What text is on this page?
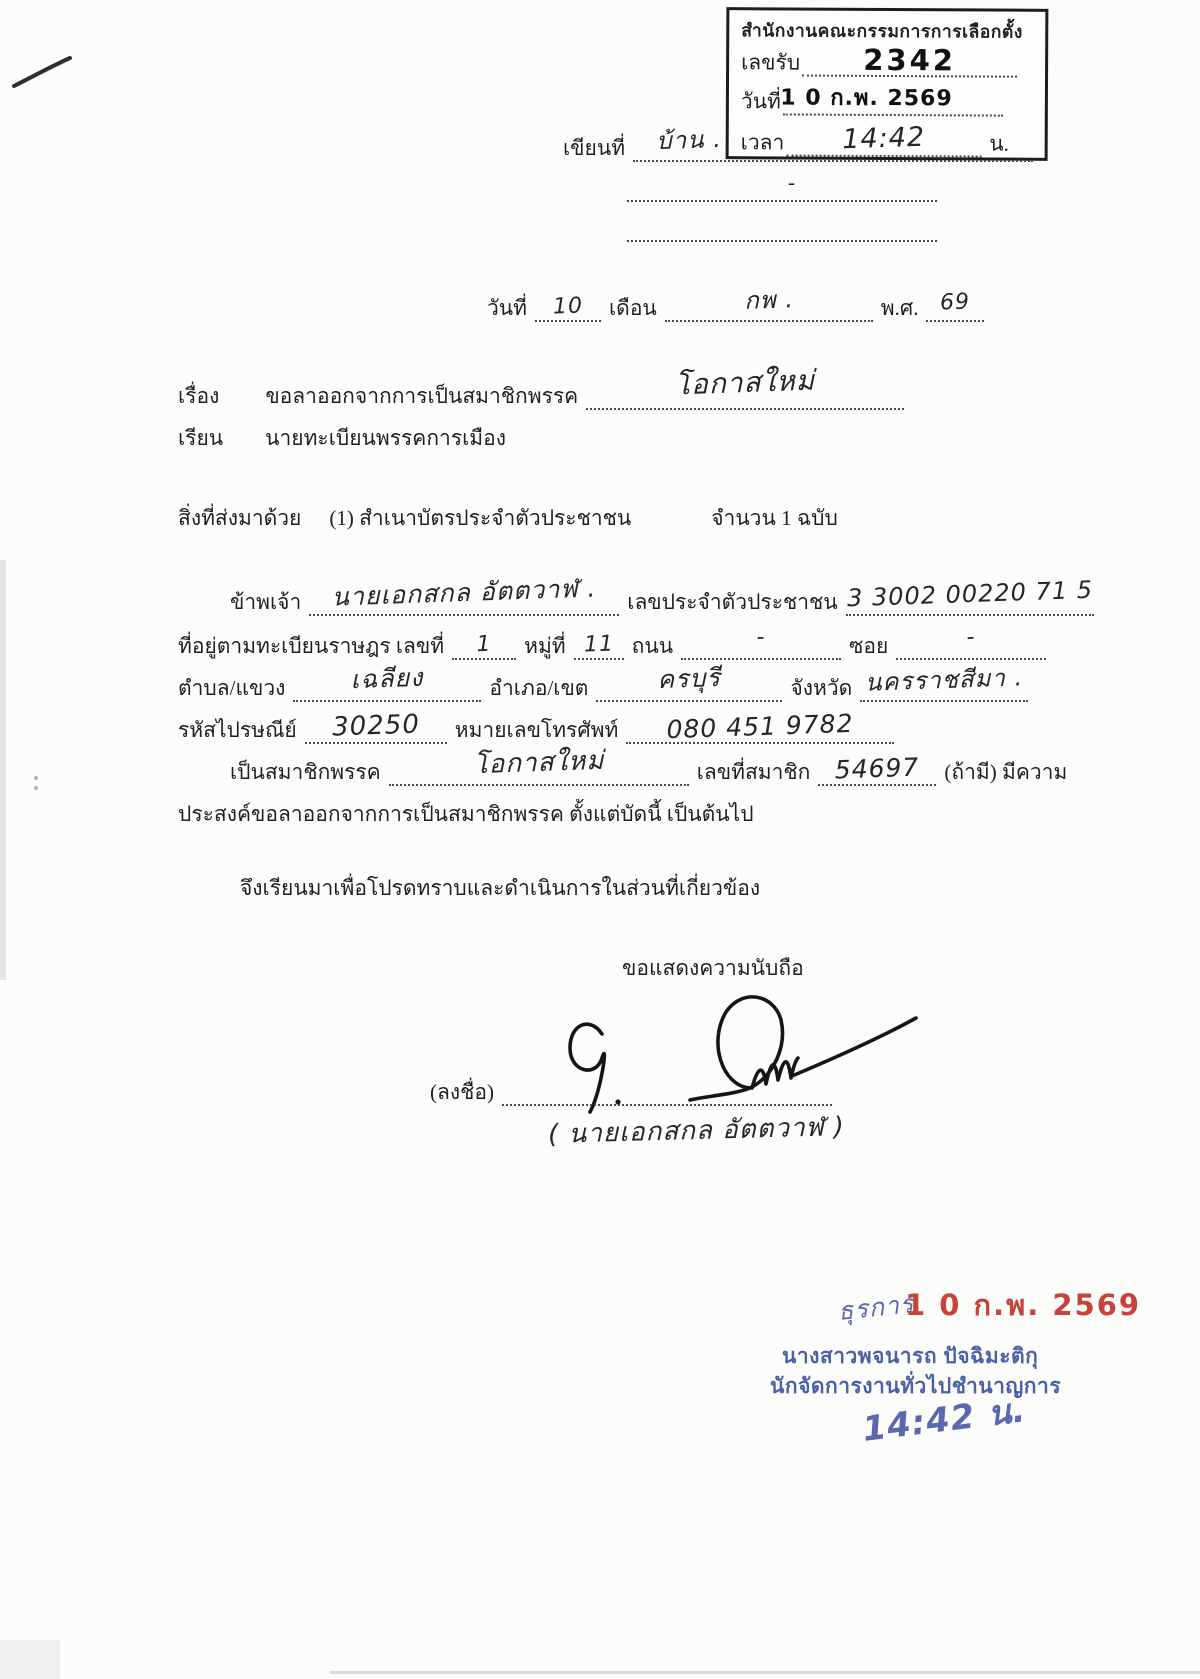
สำนักงานคณะกรรมการการเลือกตั้ง
เลขรับ 2342
วันที่ 1 0 ก.พ. 2569
เวลา 14:42	น.
เขียนที่ บ้าน .
-
วันที่ 10 เดือน	กพ .	พ.ศ. 69
เรื่อง ขอลาออกจากการเป็นสมาชิกพรรค	โอกาสใหม่
เรียน นายทะเบียนพรรคการเมือง
สิ่งที่ส่งมาด้วย (1) สำเนาบัตรประจำตัวประชาชน	จำนวน 1 ฉบับ
ข้าพเจ้า นายเอกสกล อัตตวาฬ . เลขประจำตัวประชาชน 3 3002 00220 71 5
ที่อยู่ตามทะเบียนราษฎร เลขที่ 1 หมู่ที่ 11 ถนน	-	ซอย	-
ตำบล/แขวง	เฉลียง	อำเภอ/เขต	ครบุรี	จังหวัด นครราชสีมา .
รหัสไปรษณีย์ 30250 หมายเลขโทรศัพท์ 080 451 9782
เป็นสมาชิกพรรค	โอกาสใหม่	เลขที่สมาชิก 54697 (ถ้ามี) มีความ
ประสงค์ขอลาออกจากการเป็นสมาชิกพรรค ตั้งแต่บัดนี้ เป็นต้นไป
จึงเรียนมาเพื่อโปรดทราบและดำเนินการในส่วนที่เกี่ยวข้อง
ขอแสดงความนับถือ
(ลงชื่อ)
( นายเอกสกล อัตตวาฬ )
ธุรการ
1 0 ก.พ. 2569
นางสาวพจนารถ ปัจฉิมะติกุ
นักจัดการงานทั่วไปชำนาญการ
14:42 น.
